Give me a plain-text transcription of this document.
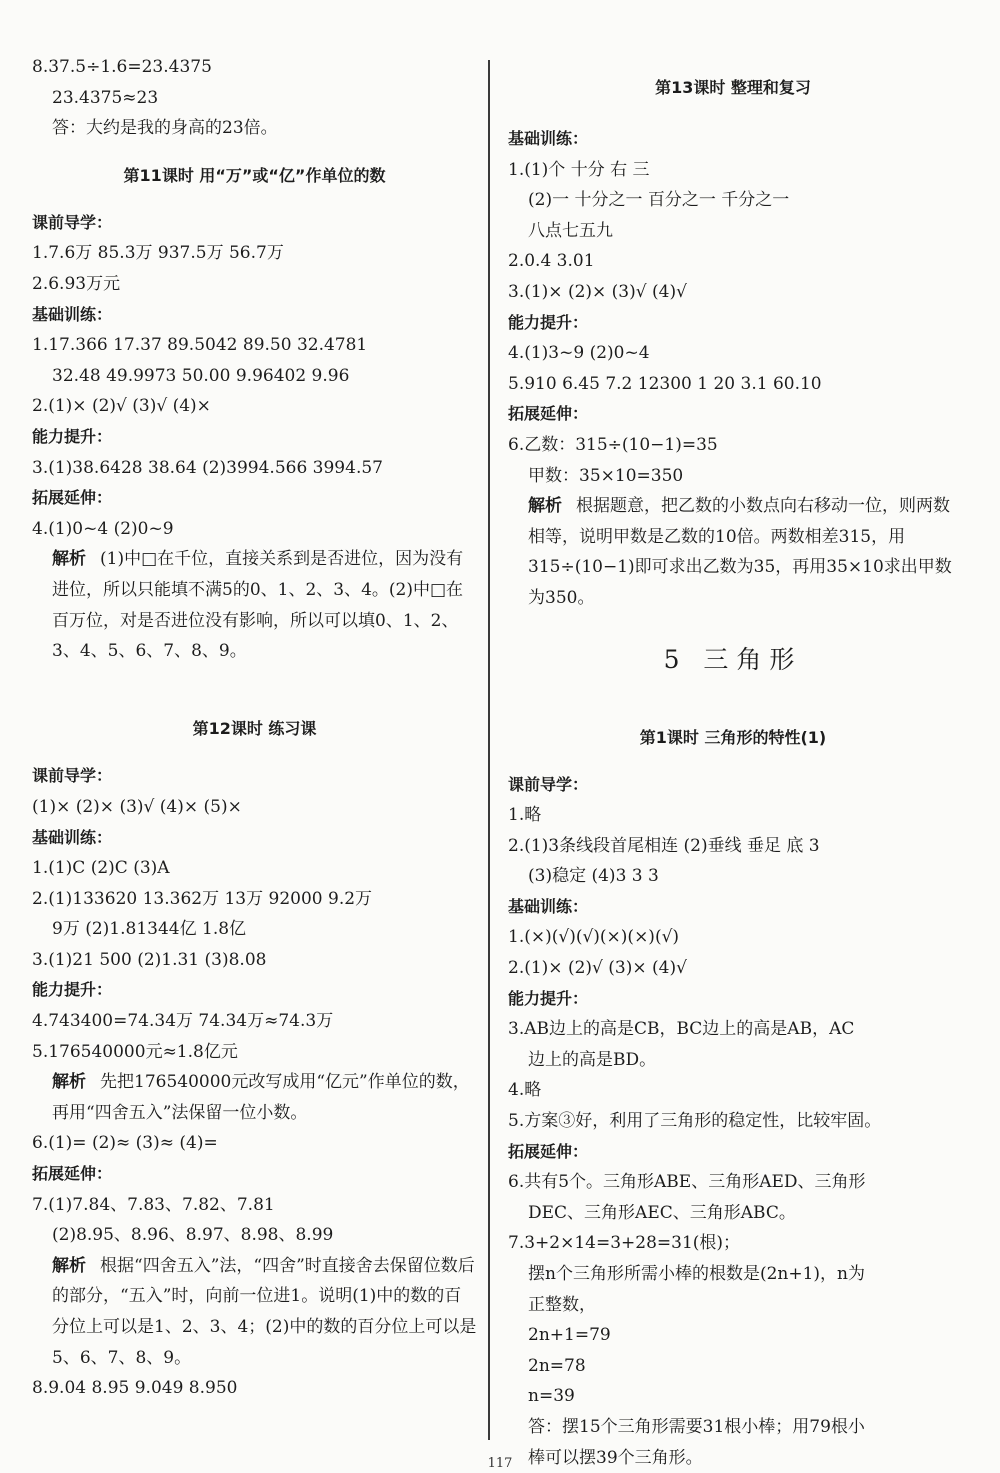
8.37.5÷1.6=23.4375
23.4375≈23
答：大约是我的身高的23倍。
第11课时 用“万”或“亿”作单位的数
课前导学：
1.7.6万 85.3万 937.5万 56.7万
2.6.93万元
基础训练：
1.17.366 17.37 89.5042 89.50 32.4781
32.48 49.9973 50.00 9.96402 9.96
2.(1)× (2)√ (3)√ (4)×
能力提升：
3.(1)38.6428 38.64 (2)3994.566 3994.57
拓展延伸：
4.(1)0~4 (2)0~9
解析 (1)中□在千位，直接关系到是否进位，因为没有进位，所以只能填不满5的0、1、2、3、4。(2)中□在百万位，对是否进位没有影响，所以可以填0、1、2、3、4、5、6、7、8、9。
第12课时 练习课
课前导学：
(1)× (2)× (3)√ (4)× (5)×
基础训练：
1.(1)C (2)C (3)A
2.(1)133620 13.362万 13万 92000 9.2万
9万 (2)1.81344亿 1.8亿
3.(1)21 500 (2)1.31 (3)8.08
能力提升：
4.743400=74.34万 74.34万≈74.3万
5.176540000元≈1.8亿元
解析 先把176540000元改写成用“亿元”作单位的数，再用“四舍五入”法保留一位小数。
6.(1)= (2)≈ (3)≈ (4)=
拓展延伸：
7.(1)7.84、7.83、7.82、7.81
(2)8.95、8.96、8.97、8.98、8.99
解析 根据“四舍五入”法，“四舍”时直接舍去保留位数后的部分，“五入”时，向前一位进1。说明(1)中的数的百分位上可以是1、2、3、4；(2)中的数的百分位上可以是5、6、7、8、9。
8.9.04 8.95 9.049 8.950
第13课时 整理和复习
基础训练：
1.(1)个 十分 右 三
(2)一 十分之一 百分之一 千分之一
八点七五九
2.0.4 3.01
3.(1)× (2)× (3)√ (4)√
能力提升：
4.(1)3~9 (2)0~4
5.910 6.45 7.2 12300 1 20 3.1 60.10
拓展延伸：
6.乙数：315÷(10−1)=35
甲数：35×10=350
解析 根据题意，把乙数的小数点向右移动一位，则两数相等，说明甲数是乙数的10倍。两数相差315，用315÷(10−1)即可求出乙数为35，再用35×10求出甲数为350。
5 三角形
第1课时 三角形的特性(1)
课前导学：
1.略
2.(1)3条线段首尾相连 (2)垂线 垂足 底 3
(3)稳定 (4)3 3 3
基础训练：
1.(×)(√)(√)(×)(×)(√)
2.(1)× (2)√ (3)× (4)√
能力提升：
3.AB边上的高是CB，BC边上的高是AB，AC
边上的高是BD。
4.略
5.方案③好，利用了三角形的稳定性，比较牢固。
拓展延伸：
6.共有5个。三角形ABE、三角形AED、三角形
DEC、三角形AEC、三角形ABC。
7.3+2×14=3+28=31(根)；
摆n个三角形所需小棒的根数是(2n+1)，n为
正整数，
2n+1=79
2n=78
n=39
答：摆15个三角形需要31根小棒；用79根小
棒可以摆39个三角形。
117
